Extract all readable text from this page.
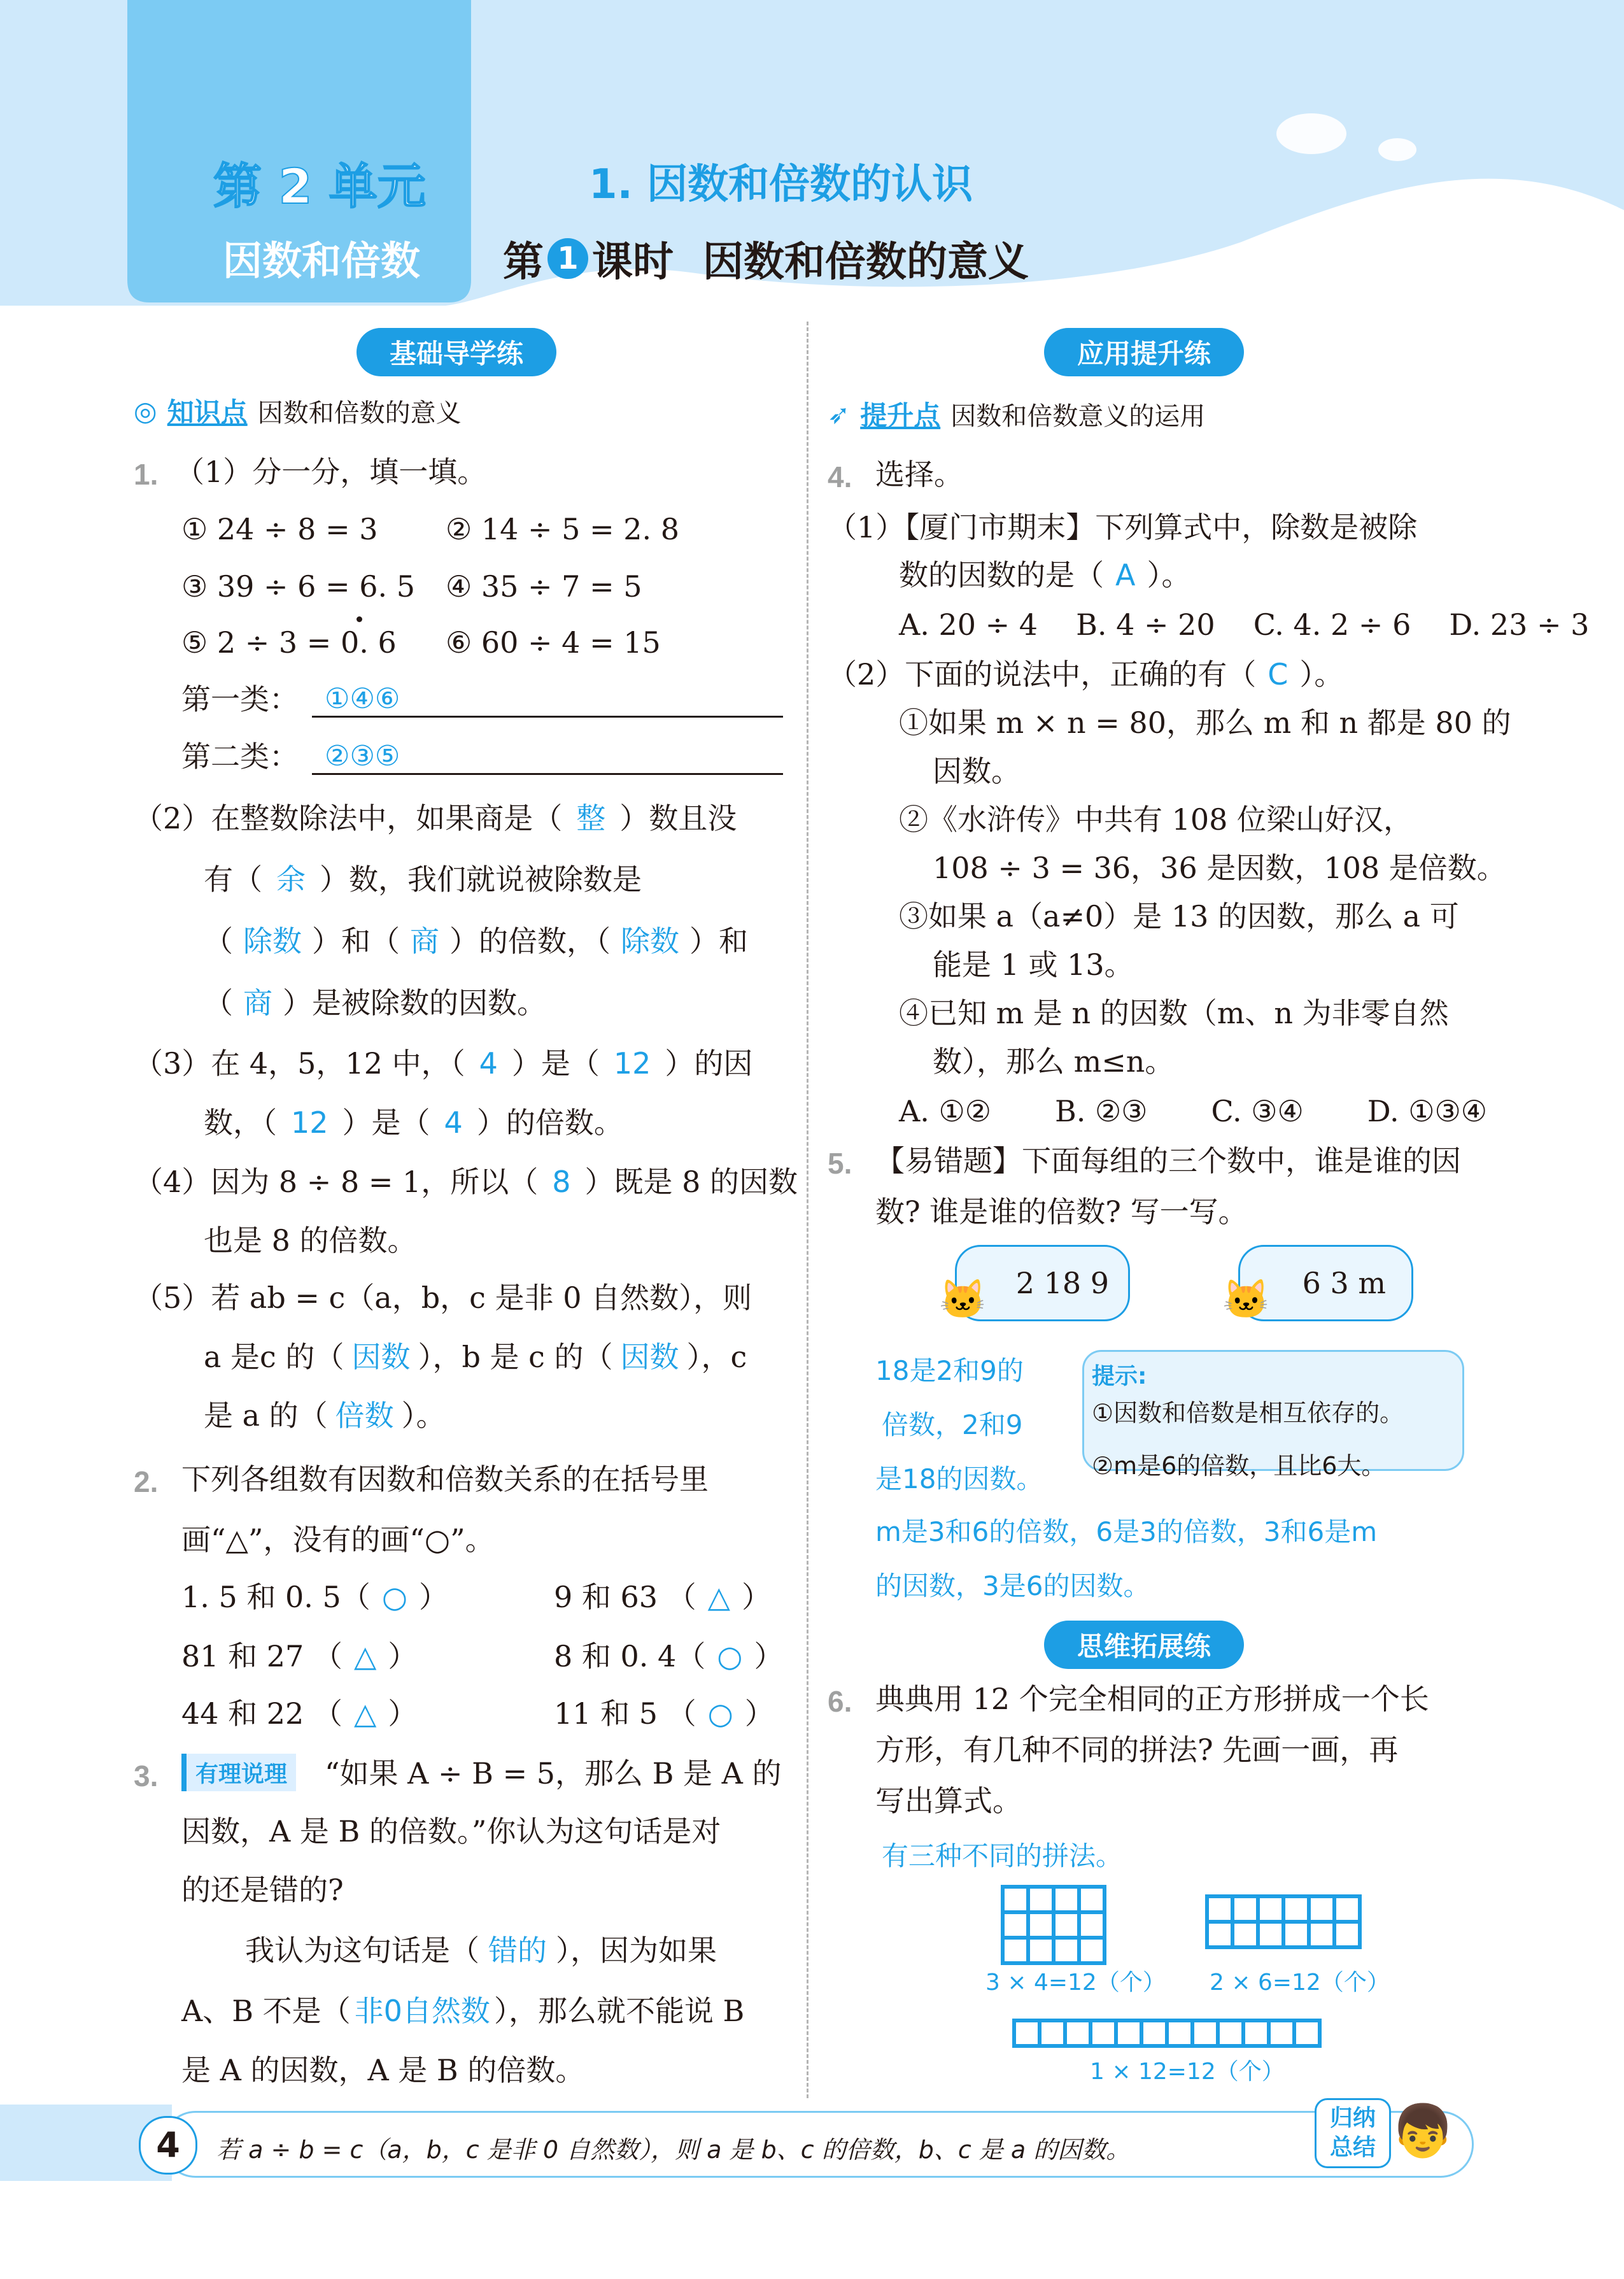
第 2 单元
因数和倍数
1. 因数和倍数的认识
第 1 课时 因数和倍数的意义
基础导学练
◎ 知识点 因数和倍数的意义
1. （1）分一分，填一填。
① 24 ÷ 8 = 3 ② 14 ÷ 5 = 2. 8
③ 39 ÷ 6 = 6. 5 ④ 35 ÷ 7 = 5
⑤ 2 ÷ 3 = 0. 6 ⑥ 60 ÷ 4 = 15
第一类： ①④⑥
第二类： ②③⑤
（2）在整数除法中，如果商是（ 整 ）数且没
有（ 余 ）数，我们就说被除数是
（ 除数 ）和（ 商 ）的倍数，（ 除数 ）和
（ 商 ）是被除数的因数。
（3）在 4，5，12 中，（ 4 ）是（ 12 ）的因
数，（ 12 ）是（ 4 ）的倍数。
（4）因为 8 ÷ 8 = 1，所以（ 8 ）既是 8 的因数
也是 8 的倍数。
（5）若 ab = c（a，b，c 是非 0 自然数），则
a 是c 的（ 因数 ），b 是 c 的（ 因数 ），c
是 a 的（ 倍数 ）。
2. 下列各组数有因数和倍数关系的在括号里
画“△”，没有的画“○”。
1. 5 和 0. 5（ ○ ）	9 和 63 （ △ ）
81 和 27 （ △ ）	8 和 0. 4（ ○ ）
44 和 22 （ △ ）	11 和 5 （ ○ ）
3.	有理说理	“如果 A ÷ B = 5，那么 B 是 A 的
因数，A 是 B 的倍数。”你认为这句话是对
的还是错的?
我认为这句话是（ 错的 ），因为如果
A、B 不是（ 非0自然数 ），那么就不能说 B
是 A 的因数，A 是 B 的倍数。
应用提升练
➶ 提升点 因数和倍数意义的运用
4. 选择。
（1）【厦门市期末】下列算式中，除数是被除
数的因数的是（ A ）。
A. 20 ÷ 4 B. 4 ÷ 20 C. 4. 2 ÷ 6 D. 23 ÷ 3
（2）下面的说法中，正确的有（ C ）。
①如果 m × n = 80，那么 m 和 n 都是 80 的
因数。
②《水浒传》中共有 108 位梁山好汉，
108 ÷ 3 = 36，36 是因数，108 是倍数。
③如果 a（a≠0）是 13 的因数，那么 a 可
能是 1 或 13。
④已知 m 是 n 的因数（m、n 为非零自然
数），那么 m≤n。
A. ①② B. ②③ C. ③④ D. ①③④
5. 【易错题】下面每组的三个数中，谁是谁的因
数? 谁是谁的倍数? 写一写。
2 18 9
🐱	6 3 m
🐱
18是2和9的
倍数，2和9
是18的因数。
提示:
①因数和倍数是相互依存的。
②m是6的倍数，且比6大。
m是3和6的倍数，6是3的倍数，3和6是m
的因数，3是6的因数。
思维拓展练
6. 典典用 12 个完全相同的正方形拼成一个长
方形，有几种不同的拼法? 先画一画，再
写出算式。
有三种不同的拼法。
3 × 4=12（个） 2 × 6=12（个）
1 × 12=12（个）
4	若 a ÷ b = c（a，b，c 是非 0 自然数），则 a 是 b、c 的倍数，b、c 是 a 的因数。
归纳
总结 👦
